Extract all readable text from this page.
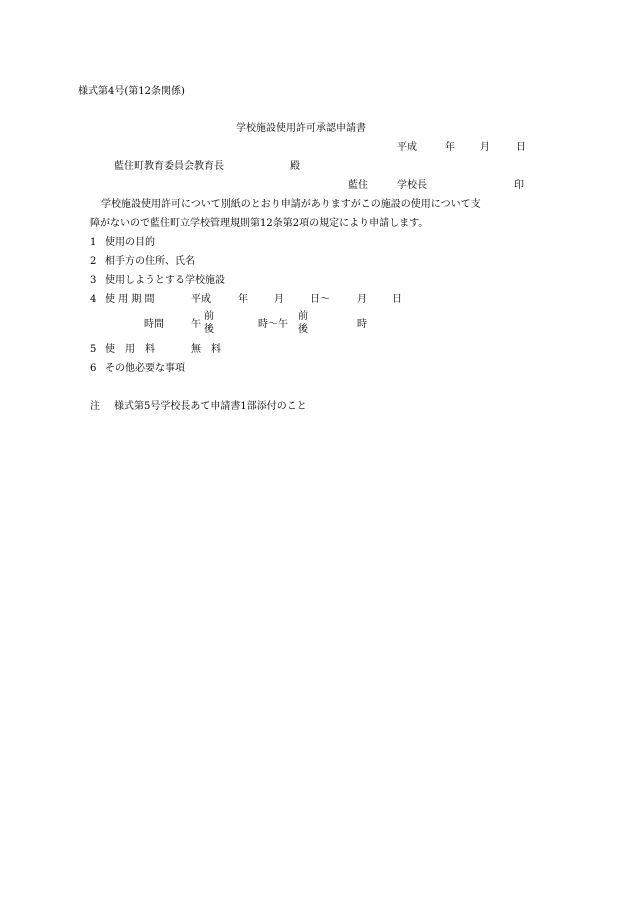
様式第4号(第12条関係)
学校施設使用許可承認申請書
平成	年	月	日
藍住町教育委員会教育長	殿
藍住	学校長	印
学校施設使用許可について別紙のとおり申請がありますがこの施設の使用について支
障がないので藍住町立学校管理規則第12条第2項の規定により申請します。
1 使用の目的
2 相手方の住所、氏名
3 使用しようとする学校施設
4 使 用 期 間	平成	年	月	日～	月	日
時間	午
前
後	時～午
前
後	時
5 使　用　料	無　料
6 その他必要な事項
注 様式第5号学校長あて申請書1部添付のこと
